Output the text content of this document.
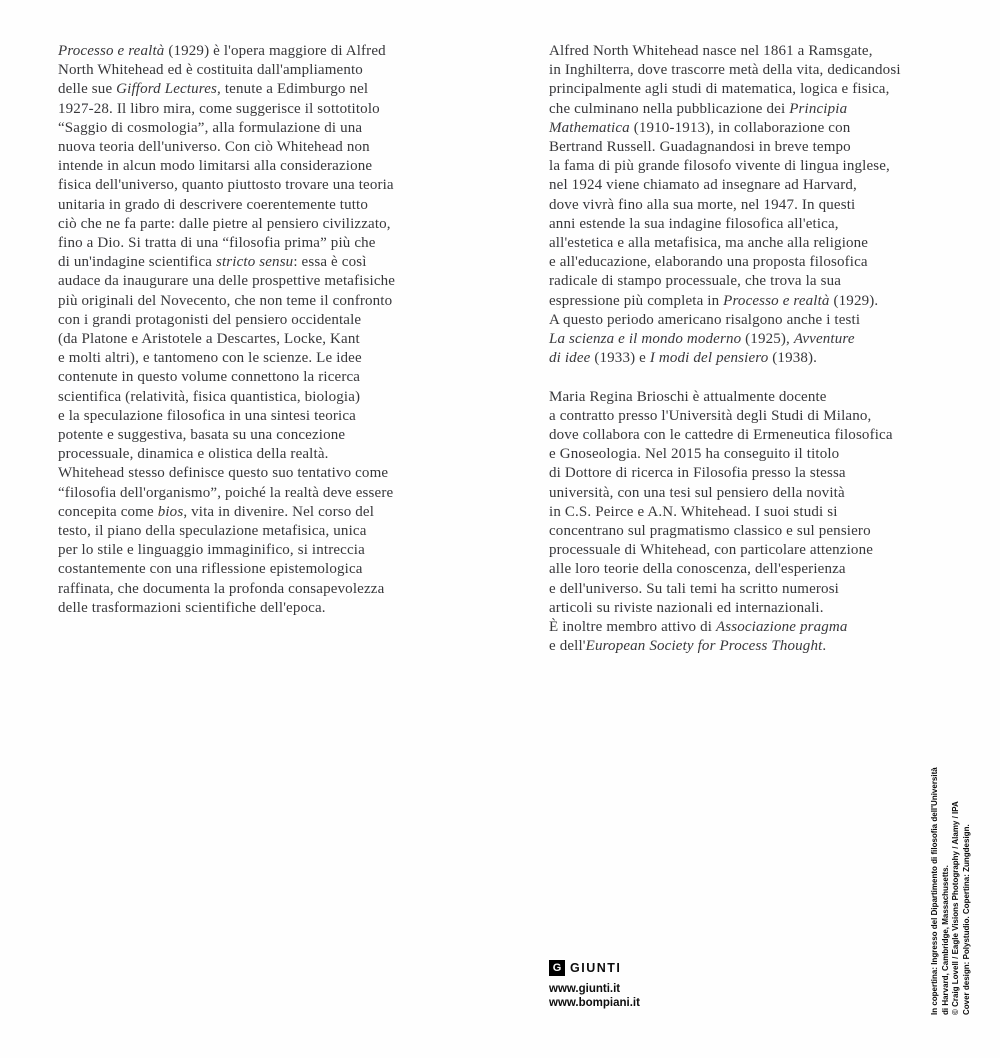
Processo e realtà (1929) è l'opera maggiore di Alfred
North Whitehead ed è costituita dall'ampliamento
delle sue Gifford Lectures, tenute a Edimburgo nel
1927-28. Il libro mira, come suggerisce il sottotitolo
“Saggio di cosmologia”, alla formulazione di una
nuova teoria dell'universo. Con ciò Whitehead non
intende in alcun modo limitarsi alla considerazione
fisica dell'universo, quanto piuttosto trovare una teoria
unitaria in grado di descrivere coerentemente tutto
ciò che ne fa parte: dalle pietre al pensiero civilizzato,
fino a Dio. Si tratta di una “filosofia prima” più che
di un'indagine scientifica stricto sensu: essa è così
audace da inaugurare una delle prospettive metafisiche
più originali del Novecento, che non teme il confronto
con i grandi protagonisti del pensiero occidentale
(da Platone e Aristotele a Descartes, Locke, Kant
e molti altri), e tantomeno con le scienze. Le idee
contenute in questo volume connettono la ricerca
scientifica (relatività, fisica quantistica, biologia)
e la speculazione filosofica in una sintesi teorica
potente e suggestiva, basata su una concezione
processuale, dinamica e olistica della realtà.
Whitehead stesso definisce questo suo tentativo come
“filosofia dell'organismo”, poiché la realtà deve essere
concepita come bios, vita in divenire. Nel corso del
testo, il piano della speculazione metafisica, unica
per lo stile e linguaggio immaginifico, si intreccia
costantemente con una riflessione epistemologica
raffinata, che documenta la profonda consapevolezza
delle trasformazioni scientifiche dell'epoca.

Alfred North Whitehead nasce nel 1861 a Ramsgate,
in Inghilterra, dove trascorre metà della vita, dedicandosi
principalmente agli studi di matematica, logica e fisica,
che culminano nella pubblicazione dei Principia
Mathematica (1910-1913), in collaborazione con
Bertrand Russell. Guadagnandosi in breve tempo
la fama di più grande filosofo vivente di lingua inglese,
nel 1924 viene chiamato ad insegnare ad Harvard,
dove vivrà fino alla sua morte, nel 1947. In questi
anni estende la sua indagine filosofica all'etica,
all'estetica e alla metafisica, ma anche alla religione
e all'educazione, elaborando una proposta filosofica
radicale di stampo processuale, che trova la sua
espressione più completa in Processo e realtà (1929).
A questo periodo americano risalgono anche i testi
La scienza e il mondo moderno (1925), Avventure
di idee (1933) e I modi del pensiero (1938).

Maria Regina Brioschi è attualmente docente
a contratto presso l'Università degli Studi di Milano,
dove collabora con le cattedre di Ermeneutica filosofica
e Gnoseologia. Nel 2015 ha conseguito il titolo
di Dottore di ricerca in Filosofia presso la stessa
università, con una tesi sul pensiero della novità
in C.S. Peirce e A.N. Whitehead. I suoi studi si
concentrano sul pragmatismo classico e sul pensiero
processuale di Whitehead, con particolare attenzione
alle loro teorie della conoscenza, dell'esperienza
e dell'universo. Su tali temi ha scritto numerosi
articoli su riviste nazionali ed internazionali.
È inoltre membro attivo di Associazione pragma
e dell'European Society for Process Thought.

In copertina: Ingresso del Dipartimento di filosofia dell'Università di Harvard, Cambridge, Massachusetts. © Craig Lovell / Eagle Visions Photography / Alamy / IPA Cover design: Polystudio. Copertina: Zungdesign.

G GIUNTI
www.giunti.it
www.bompiani.it
